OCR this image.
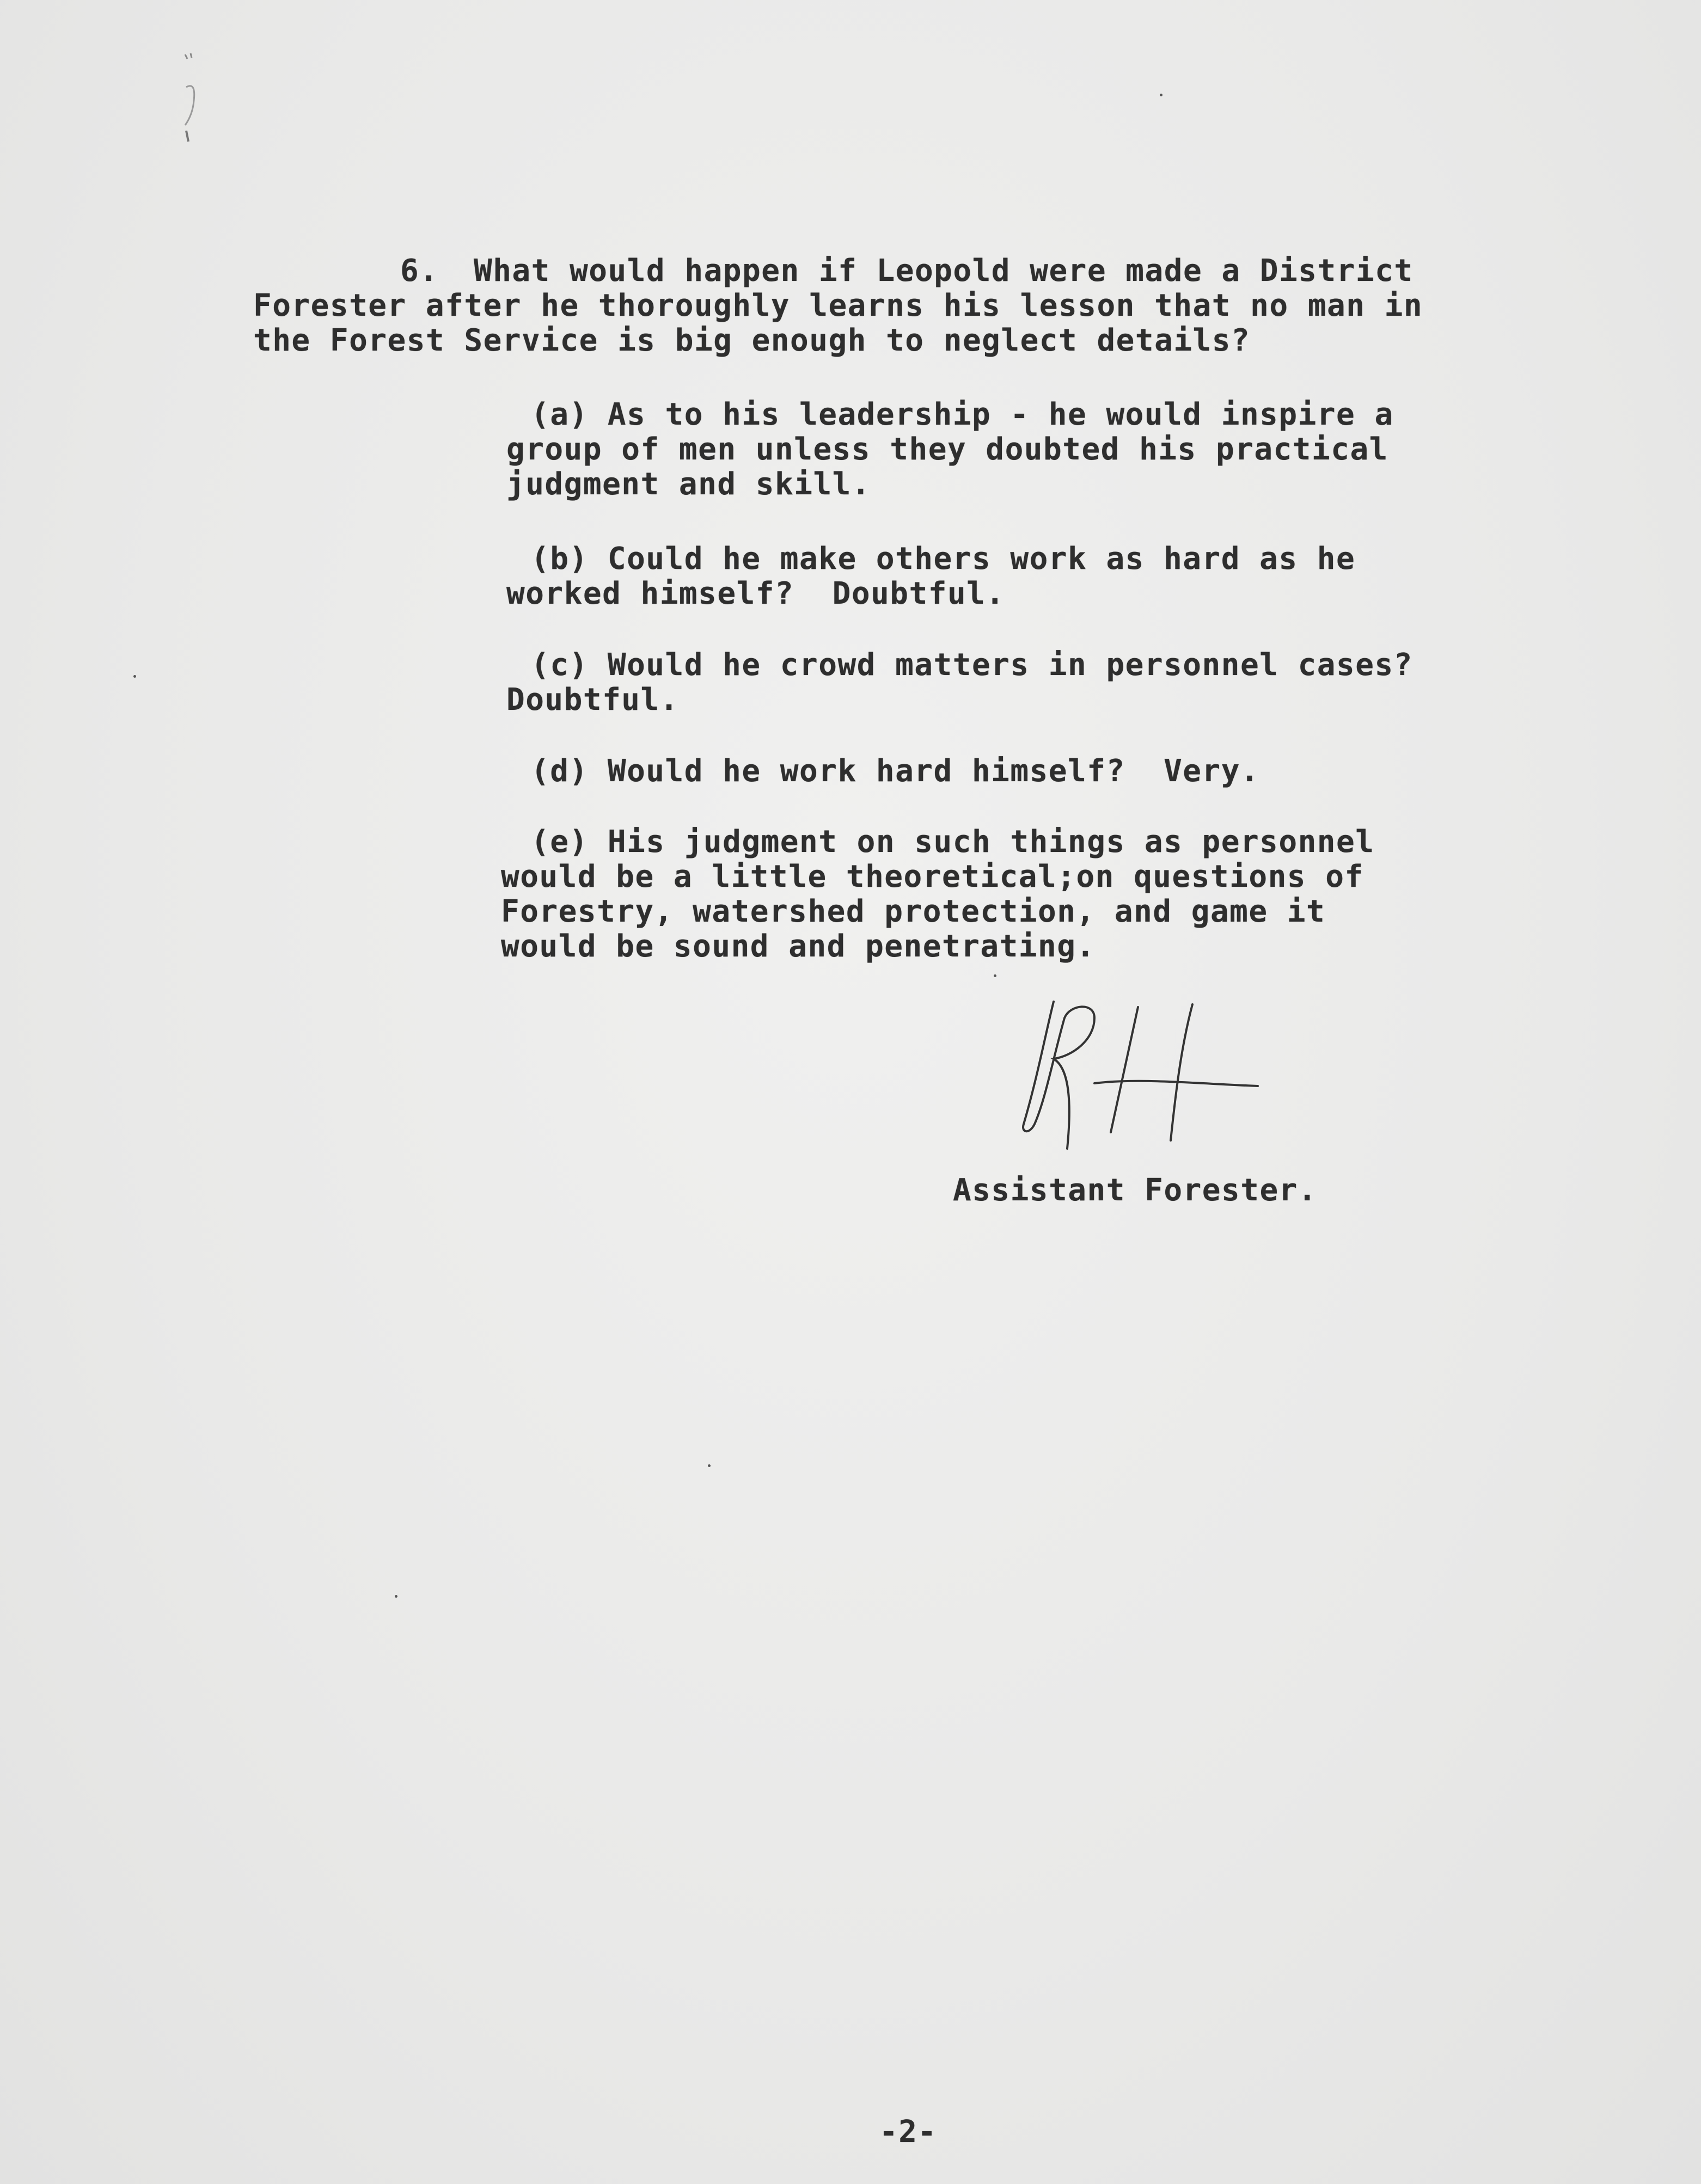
6. What would happen if Leopold were made a District
Forester after he thoroughly learns his lesson that no man in
the Forest Service is big enough to neglect details?
(a) As to his leadership - he would inspire a
group of men unless they doubted his practical
judgment and skill.
(b) Could he make others work as hard as he
worked himself?  Doubtful.
(c) Would he crowd matters in personnel cases?
Doubtful.
(d) Would he work hard himself?  Very.
(e) His judgment on such things as personnel
would be a little theoretical;on questions of
Forestry, watershed protection, and game it
would be sound and penetrating.
Assistant Forester.
-2-
